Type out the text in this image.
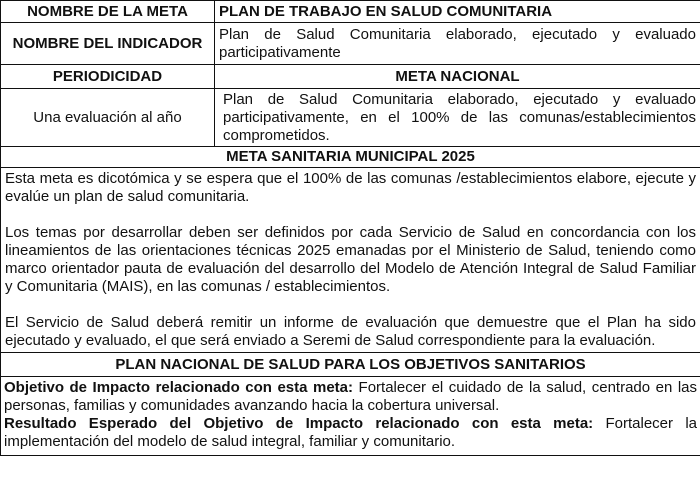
NOMBRE DE LA META	PLAN DE TRABAJO EN SALUD COMUNITARIA
NOMBRE DEL INDICADOR	Plan de Salud Comunitaria elaborado, ejecutado y evaluado participativamente
PERIODICIDAD	META NACIONAL
Una evaluación al año	Plan de Salud Comunitaria elaborado, ejecutado y evaluado participativamente, en el 100% de las comunas/establecimientos comprometidos.
META SANITARIA MUNICIPAL 2025	

Esta meta es dicotómica y se espera que el 100% de las comunas /establecimientos elabore, ejecute y evalúe un plan de salud comunitaria.

Los temas por desarrollar deben ser definidos por cada Servicio de Salud en concordancia con los lineamientos de las orientaciones técnicas 2025 emanadas por el Ministerio de Salud, teniendo como marco orientador pauta de evaluación del desarrollo del Modelo de Atención Integral de Salud Familiar y Comunitaria (MAIS), en las comunas / establecimientos.

El Servicio de Salud deberá remitir un informe de evaluación que demuestre que el Plan ha sido ejecutado y evaluado, el que será enviado a Seremi de Salud correspondiente para la evaluación.	

PLAN NACIONAL DE SALUD PARA LOS OBJETIVOS SANITARIOS	

Objetivo de Impacto relacionado con esta meta: Fortalecer el cuidado de la salud, centrado en las personas, familias y comunidades avanzando hacia la cobertura universal.

Resultado Esperado del Objetivo de Impacto relacionado con esta meta: Fortalecer la implementación del modelo de salud integral, familiar y comunitario.	
